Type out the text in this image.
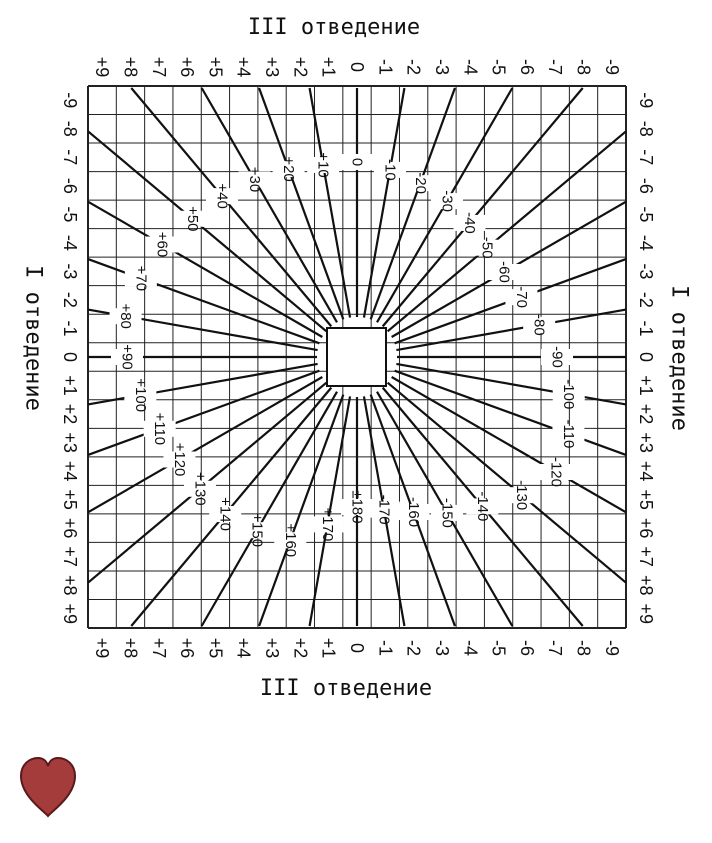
III отведение
III отведение
I отведение	I отведение
+9 +8 +7 +6 +5 +4 +3 +2 +1 0 -1 -2 -3 -4 -5 -6 -7 -8 -9
+9 +8 +7 +6 +5 +4 +3 +2 +1 0 -1 -2 -3 -4 -5 -6 -7 -8 -9
-9
-8
-7
-6
-5
-4
-3
-2
-1
0
+1
+2
+3
+4
+5
+6
+7
+8
+9
-9
-8
-7
-6
-5
-4
-3
-2
-1
0
+1
+2
+3
+4
+5
+6
+7
+8
+9
±180
+170
+160
+150
+140
+130
+120
+110
+100
+90
+80
+70
+60
+50
+40
+30 +20 +10 0 -10
-20
-30
-40
-50
-60
-70
-80
-90
-100
-110
-120
-130
-140
-150
-160
-170
